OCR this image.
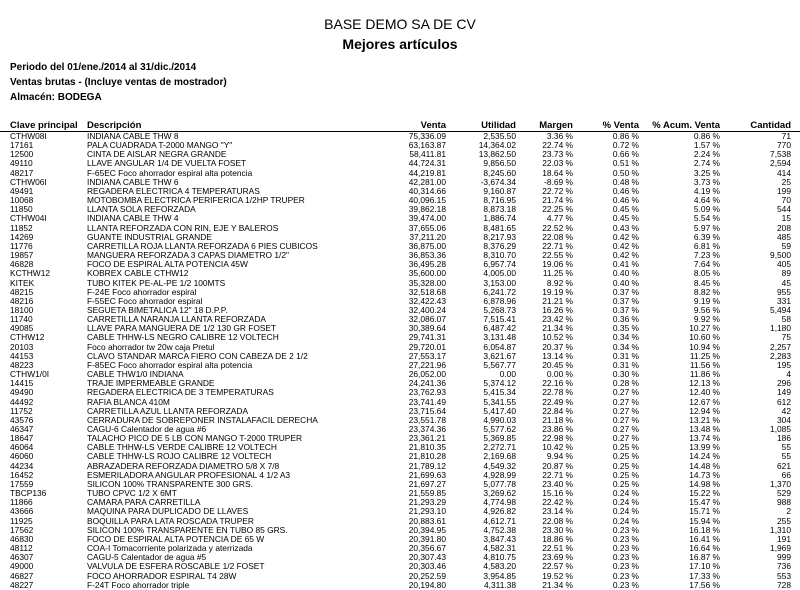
BASE DEMO SA DE CV
Mejores artículos
Periodo del 01/ene./2014 al 31/dic./2014
Ventas brutas - (Incluye ventas de mostrador)
Almacén: BODEGA
Clave principal Descripción	Venta	Utilidad Margen	% Venta % Acum. Venta	Cantidad
CTHW08I	INDIANA CABLE THW 8	75,336.09	2,535.50	3.36 %	0.86 %	0.86 %	71
17161	PALA CUADRADA T-2000 MANGO "Y"	63,163.87	14,364.02	22.74 %	0.72 %	1.57 %	770
12500	CINTA DE AISLAR NEGRA GRANDE	58,411.81	13,862.50	23.73 %	0.66 %	2.24 %	7,538
49110	LLAVE ANGULAR 1/4 DE VUELTA FOSET	44,724.31	9,856.50	22.03 %	0.51 %	2.74 %	2,594
48217	F-65EC Foco ahorrador espiral alta potencia	44,219.81	8,245.60	18.64 %	0.50 %	3.25 %	414
CTHW06I	INDIANA CABLE THW 6	42,281.00	-3,674.34	-8.69 %	0.48 %	3.73 %	25
49491	REGADERA ELECTRICA 4 TEMPERATURAS	40,314.66	9,160.87	22.72 %	0.46 %	4.19 %	199
10068	MOTOBOMBA ELECTRICA PERIFERICA 1/2HP TRUPER	40,096.15	8,716.95	21.74 %	0.46 %	4.64 %	70
11850	LLANTA SOLA REFORZADA	39,862.18	8,873.18	22.25 %	0.45 %	5.09 %	544
CTHW04I	INDIANA CABLE THW 4	39,474.00	1,886.74	4.77 %	0.45 %	5.54 %	15
11852	LLANTA REFORZADA CON RIN, EJE Y BALEROS	37,655.06	8,481.65	22.52 %	0.43 %	5.97 %	208
14269	GUANTE INDUSTRIAL GRANDE	37,211.20	8,217.93	22.08 %	0.42 %	6.39 %	485
11776	CARRETILLA ROJA LLANTA REFORZADA 6 PIES CUBICOS	36,875.00	8,376.29	22.71 %	0.42 %	6.81 %	59
19857	MANGUERA REFORZADA 3 CAPAS DIAMETRO 1/2"	36,853.36	8,310.70	22.55 %	0.42 %	7.23 %	9,500
46828	FOCO DE ESPIRAL ALTA POTENCIA 45W	36,495.28	6,957.74	19.06 %	0.41 %	7.64 %	405
KCTHW12	KOBREX CABLE CTHW12	35,600.00	4,005.00	11.25 %	0.40 %	8.05 %	89
KITEK	TUBO KITEK PE-AL-PE 1/2 100MTS	35,328.00	3,153.00	8.92 %	0.40 %	8.45 %	45
48215	F-24E Foco ahorrador espiral	32,518.68	6,241.72	19.19 %	0.37 %	8.82 %	955
48216	F-55EC Foco ahorrador espiral	32,422.43	6,878.96	21.21 %	0.37 %	9.19 %	331
18100	SEGUETA BIMETALICA 12" 18 D.P.P.	32,400.24	5,268.73	16.26 %	0.37 %	9.56 %	5,494
11740	CARRETILLA NARANJA LLANTA REFORZADA	32,086.07	7,515.41	23.42 %	0.36 %	9.92 %	58
49085	LLAVE PARA MANGUERA DE 1/2 130 GR FOSET	30,389.64	6,487.42	21.34 %	0.35 %	10.27 %	1,180
CTHW12	CABLE THHW-LS NEGRO CALIBRE 12 VOLTECH	29,741.31	3,131.48	10.52 %	0.34 %	10.60 %	75
20103	Foco ahorrador tw 20w caja Pretul	29,720.01	6,054.87	20.37 %	0.34 %	10.94 %	2,257
44153	CLAVO STANDAR MARCA FIERO CON CABEZA DE 2 1/2	27,553.17	3,621.67	13.14 %	0.31 %	11.25 %	2,283
48223	F-85EC Foco ahorrador espiral alta potencia	27,221.96	5,567.77	20.45 %	0.31 %	11.56 %	195
CTHW1/0I	CABLE THW1/0 INDIANA	26,052.00	0.00	0.00 %	0.30 %	11.86 %	4
14415	TRAJE IMPERMEABLE GRANDE	24,241.36	5,374.12	22.16 %	0.28 %	12.13 %	296
49490	REGADERA ELECTRICA DE 3 TEMPERATURAS	23,762.93	5,415.34	22.78 %	0.27 %	12.40 %	149
44492	RAFIA BLANCA 410M	23,741.49	5,341.55	22.49 %	0.27 %	12.67 %	612
11752	CARRETILLA AZUL LLANTA REFORZADA	23,715.64	5,417.40	22.84 %	0.27 %	12.94 %	42
43576	CERRADURA DE SOBREPONER INSTALAFACIL DERECHA	23,551.78	4,990.03	21.18 %	0.27 %	13.21 %	304
46347	CAGU-6 Calentador de agua #6	23,374.36	5,577.62	23.86 %	0.27 %	13.48 %	1,085
18647	TALACHO PICO DE 5 LB CON MANGO T-2000 TRUPER	23,361.21	5,369.85	22.98 %	0.27 %	13.74 %	186
46064	CABLE THHW-LS VERDE CALIBRE 12 VOLTECH	21,810.35	2,272.71	10.42 %	0.25 %	13.99 %	55
46060	CABLE THHW-LS ROJO CALIBRE 12 VOLTECH	21,810.28	2,169.68	9.94 %	0.25 %	14.24 %	55
44234	ABRAZADERA REFORZADA DIAMETRO 5/8 X 7/8	21,789.12	4,549.32	20.87 %	0.25 %	14.48 %	621
16452	ESMERILADORA ANGULAR PROFESIONAL 4 1/2 A3	21,699.63	4,928.99	22.71 %	0.25 %	14.73 %	66
17559	SILICON 100% TRANSPARENTE 300 GRS.	21,697.27	5,077.78	23.40 %	0.25 %	14.98 %	1,370
TBCP136	TUBO CPVC 1/2 X 6MT	21,559.85	3,269.62	15.16 %	0.24 %	15.22 %	529
11866	CAMARA PARA CARRETILLA	21,293.29	4,774.98	22.42 %	0.24 %	15.47 %	988
43666	MAQUINA PARA DUPLICADO DE LLAVES	21,293.10	4,926.82	23.14 %	0.24 %	15.71 %	2
11925	BOQUILLA PARA LATA ROSCADA TRUPER	20,883.61	4,612.71	22.08 %	0.24 %	15.94 %	255
17562	SILICON 100% TRANSPARENTE EN TUBO 85 GRS.	20,394.95	4,752.38	23.30 %	0.23 %	16.18 %	1,310
46830	FOCO DE ESPIRAL ALTA POTENCIA DE 65 W	20,391.80	3,847.43	18.86 %	0.23 %	16.41 %	191
48112	COA-I Tomacorriente polarizada y aterrizada	20,356.67	4,582.31	22.51 %	0.23 %	16.64 %	1,969
46307	CAGU-5 Calentador de agua #5	20,307.43	4,810.75	23.69 %	0.23 %	16.87 %	999
49000	VALVULA DE ESFERA ROSCABLE 1/2 FOSET	20,303.46	4,583.20	22.57 %	0.23 %	17.10 %	736
46827	FOCO AHORRADOR ESPIRAL T4 28W	20,252.59	3,954.85	19.52 %	0.23 %	17.33 %	553
48227	F-24T Foco ahorrador triple	20,194.80	4,311.38	21.34 %	0.23 %	17.56 %	728
